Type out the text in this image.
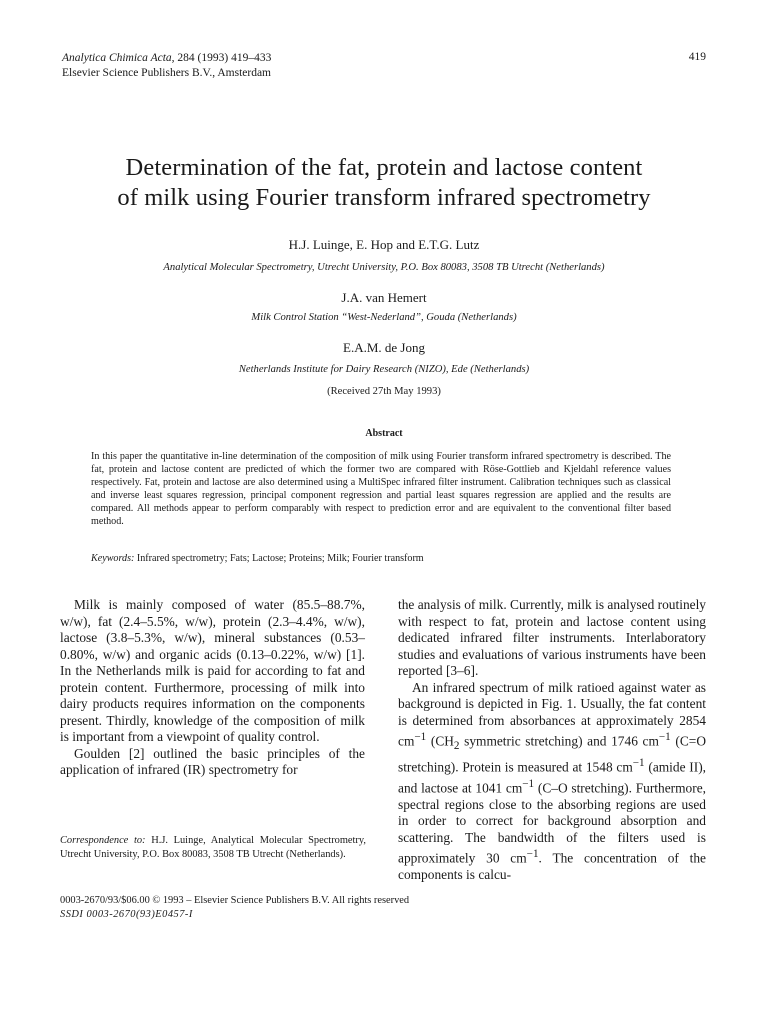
Analytica Chimica Acta, 284 (1993) 419–433
Elsevier Science Publishers B.V., Amsterdam
419
Determination of the fat, protein and lactose content
of milk using Fourier transform infrared spectrometry
H.J. Luinge, E. Hop and E.T.G. Lutz
Analytical Molecular Spectrometry, Utrecht University, P.O. Box 80083, 3508 TB Utrecht (Netherlands)
J.A. van Hemert
Milk Control Station “West-Nederland”, Gouda (Netherlands)
E.A.M. de Jong
Netherlands Institute for Dairy Research (NIZO), Ede (Netherlands)
(Received 27th May 1993)
Abstract
In this paper the quantitative in-line determination of the composition of milk using Fourier transform infrared spectrometry is described. The fat, protein and lactose content are predicted of which the former two are compared with Röse-Gottlieb and Kjeldahl reference values respectively. Fat, protein and lactose are also determined using a MultiSpec infrared filter instrument. Calibration techniques such as classical and inverse least squares regression, principal component regression and partial least squares regression are applied and the results are compared. All methods appear to perform comparably with respect to prediction error and are equivalent to the conventional filter based method.
Keywords: Infrared spectrometry; Fats; Lactose; Proteins; Milk; Fourier transform

Milk is mainly composed of water (85.5–88.7%, w/w), fat (2.4–5.5%, w/w), protein (2.3–4.4%, w/w), lactose (3.8–5.3%, w/w), mineral substances (0.53–0.80%, w/w) and organic acids (0.13–0.22%, w/w) [1]. In the Netherlands milk is paid for according to fat and protein content. Furthermore, processing of milk into dairy products requires information on the components present. Thirdly, knowledge of the composition of milk is important from a viewpoint of quality control.

Goulden [2] outlined the basic principles of the application of infrared (IR) spectrometry for

the analysis of milk. Currently, milk is analysed routinely with respect to fat, protein and lactose content using dedicated infrared filter instruments. Interlaboratory studies and evaluations of various instruments have been reported [3–6].

An infrared spectrum of milk ratioed against water as background is depicted in Fig. 1. Usually, the fat content is determined from absorbances at approximately 2854 $cm^{-1}$ ($CH_2$ symmetric stretching) and 1746 $cm^{-1}$ (C=O stretching). Protein is measured at 1548 $cm^{-1}$ (amide II), and lactose at 1041 $cm^{-1}$ (C–O stretching). Furthermore, spectral regions close to the absorbing regions are used in order to correct for background absorption and scattering. The bandwidth of the filters used is approximately 30 $cm^{-1}$. The concentration of the components is calcu-

Correspondence to: H.J. Luinge, Analytical Molecular Spectrometry, Utrecht University, P.O. Box 80083, 3508 TB Utrecht (Netherlands).
0003-2670/93/$06.00 © 1993 – Elsevier Science Publishers B.V. All rights reserved
SSDI 0003-2670(93)E0457-I
